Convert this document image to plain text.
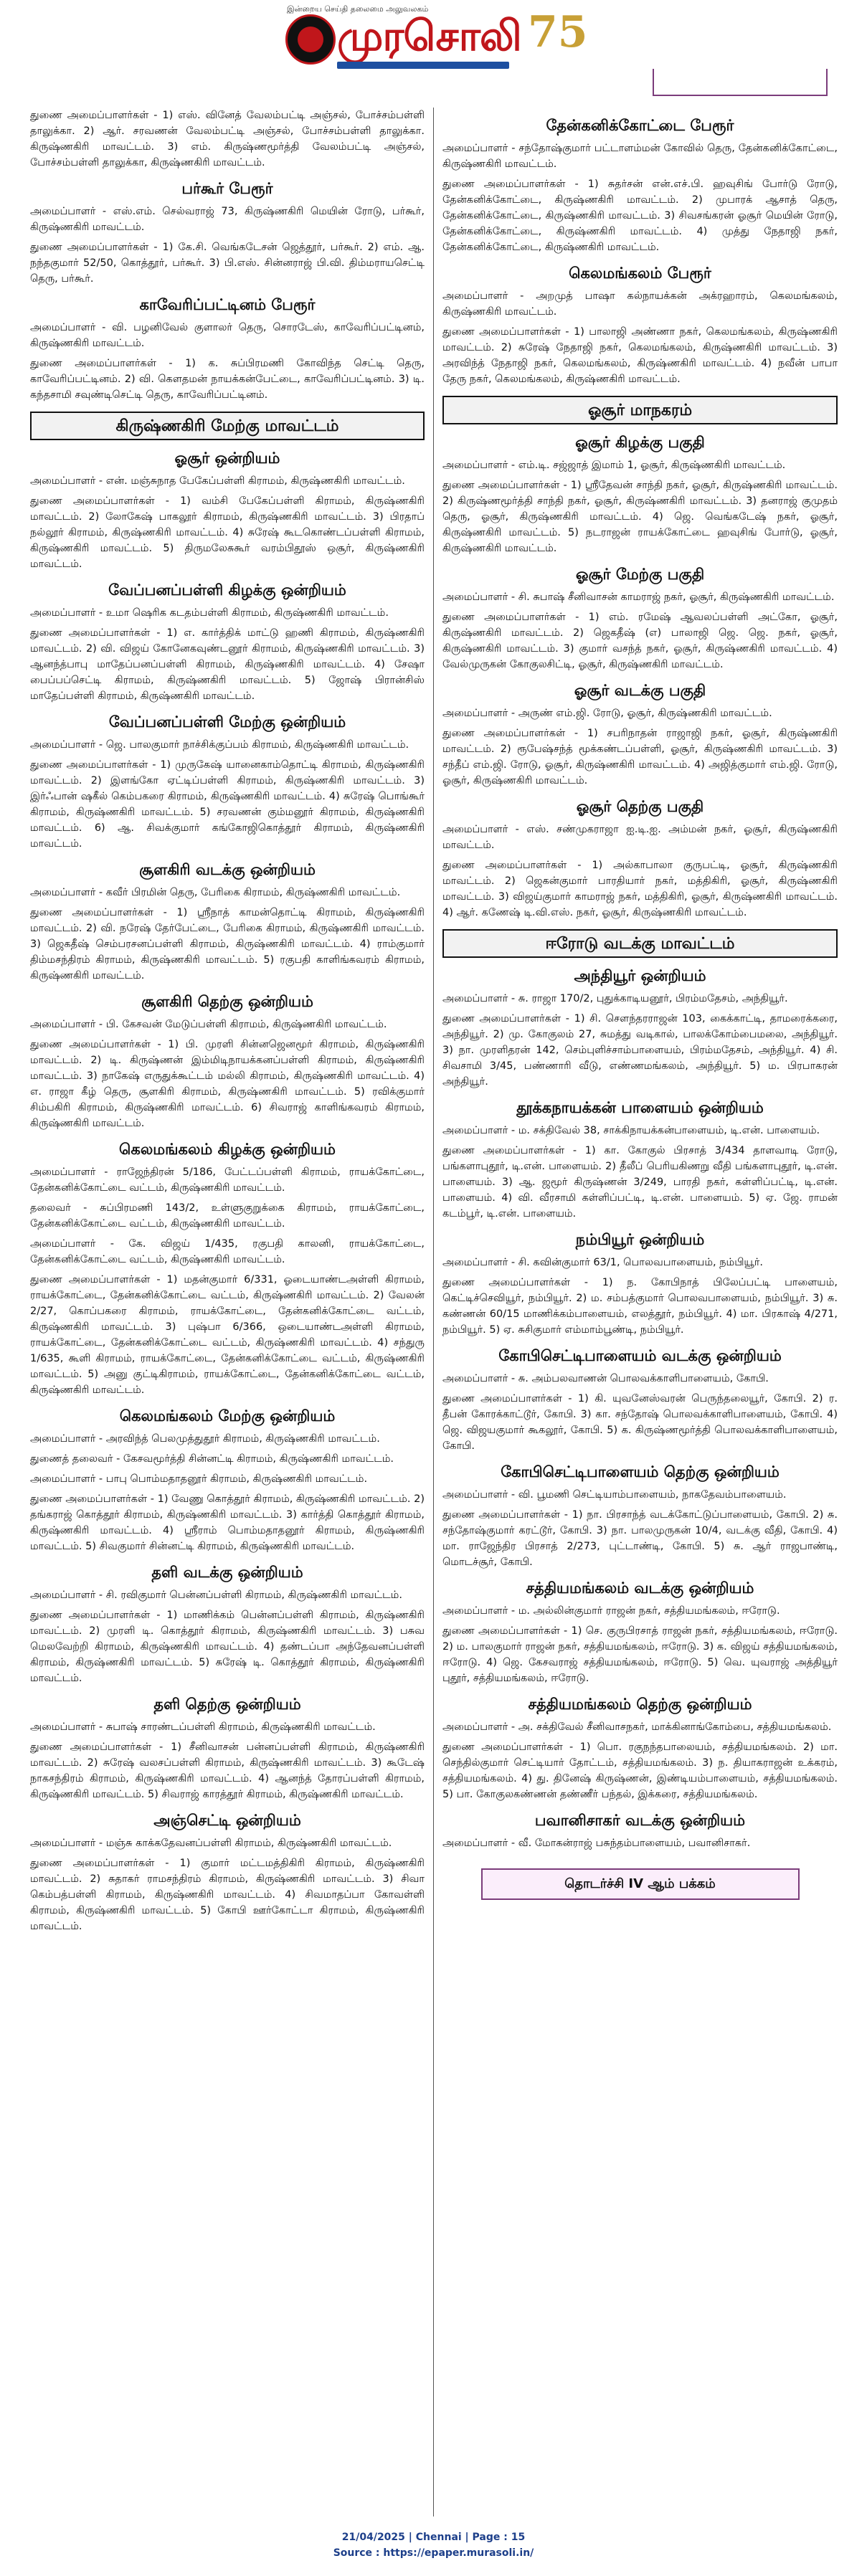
இன்றைய செய்தி தலைமை அலுவலகம்
முரசொலி 75
துணை அமைப்பாளர்கள் - 1) எஸ். வினேத் வேலம்பட்டி அஞ்சல், போச்சம்பள்ளி தாலுக்கா. 2) ஆர். சரவணன் வேலம்பட்டி அஞ்சல், போச்சம்பள்ளி தாலுக்கா. கிருஷ்ணகிரி மாவட்டம். 3) எம். கிருஷ்ணமூர்த்தி வேலம்பட்டி அஞ்சல், போச்சம்பள்ளி தாலுக்கா, கிருஷ்ணகிரி மாவட்டம்.
பர்கூர் பேரூர்
அமைப்பாளர் - எஸ்.எம். செல்வராஜ் 73, கிருஷ்ணகிரி மெயின் ரோடு, பர்கூர், கிருஷ்ணகிரி மாவட்டம்.
துணை அமைப்பாளர்கள் - 1) கே.சி. வெங்கடேசன் ஜெத்தூர், பர்கூர். 2) எம். ஆ. நந்தகுமார் 52/50, கொத்தூர், பர்கூர். 3) பி.எஸ். சின்னராஜ் பி.வி. திம்மராயசெட்டி தெரு, பர்கூர்.
காவேரிப்பட்டினம் பேரூர்
அமைப்பாளர் - வி. பழனிவேல் குளாலர் தெரு, சொரடேஸ், காவேரிப்பட்டினம், கிருஷ்ணகிரி மாவட்டம்.
துணை அமைப்பாளர்கள் - 1) க. சுப்பிரமணி கோவிந்த செட்டி தெரு, காவேரிப்பட்டினம். 2) வி. கௌதமன் நாயக்கன்பேட்டை, காவேரிப்பட்டினம். 3) டி. கந்தசாமி சவுண்டிசெட்டி தெரு, காவேரிப்பட்டினம்.
கிருஷ்ணகிரி மேற்கு மாவட்டம்
ஓசூர் ஒன்றியம்
அமைப்பாளர் - என். மஞ்சுநாத பேகேப்பள்ளி கிராமம், கிருஷ்ணகிரி மாவட்டம்.
துணை அமைப்பாளர்கள் - 1) வம்சி பேகேப்பள்ளி கிராமம், கிருஷ்ணகிரி மாவட்டம். 2) லோகேஷ் பாகலூர் கிராமம், கிருஷ்ணகிரி மாவட்டம். 3) பிரதாப் நல்லூர் கிராமம், கிருஷ்ணகிரி மாவட்டம். 4) சுரேஷ் கூடகொண்டப்பள்ளி கிராமம், கிருஷ்ணகிரி மாவட்டம். 5) திருமலேசுகூர் வரம்பிதூஸ் ஒசூர், கிருஷ்ணகிரி மாவட்டம்.
வேப்பனப்பள்ளி கிழக்கு ஒன்றியம்
அமைப்பாளர் - உமா ஷெரிக கடதம்பள்ளி கிராமம், கிருஷ்ணகிரி மாவட்டம்.
துணை அமைப்பாளர்கள் - 1) எ. கார்த்திக் மாட்டு ஹணி கிராமம், கிருஷ்ணகிரி மாவட்டம். 2) வி. விஜய் கோனேகவுண்டனூர் கிராமம், கிருஷ்ணகிரி மாவட்டம். 3) ஆனந்த்பாபு மாதேப்பனப்பள்ளி கிராமம், கிருஷ்ணகிரி மாவட்டம். 4) சேஷா பைப்பப்செட்டி கிராமம், கிருஷ்ணகிரி மாவட்டம். 5) ஜோஷ் பிரான்சிஸ் மாதேப்பள்ளி கிராமம், கிருஷ்ணகிரி மாவட்டம்.
வேப்பனப்பள்ளி மேற்கு ஒன்றியம்
அமைப்பாளர் - ஜெ. பாலகுமார் நாச்சிக்குப்பம் கிராமம், கிருஷ்ணகிரி மாவட்டம்.
துணை அமைப்பாளர்கள் - 1) முருகேஷ் யானைகாம்தொட்டி கிராமம், கிருஷ்ணகிரி மாவட்டம். 2) இளங்கோ ஏட்டிப்பள்ளி கிராமம், கிருஷ்ணகிரி மாவட்டம். 3) இர்ஃபான் ஷகீல் கெம்பகரை கிராமம், கிருஷ்ணகிரி மாவட்டம். 4) சுரேஷ் பொங்கூர் கிராமம், கிருஷ்ணகிரி மாவட்டம். 5) சரவணன் கும்மனூர் கிராமம், கிருஷ்ணகிரி மாவட்டம். 6) ஆ. சிவக்குமார் கங்கோஜிகொத்தூர் கிராமம், கிருஷ்ணகிரி மாவட்டம்.
சூளகிரி வடக்கு ஒன்றியம்
அமைப்பாளர் - கவீர் பிரமின் தெரு, பேரிகை கிராமம், கிருஷ்ணகிரி மாவட்டம்.
துணை அமைப்பாளர்கள் - 1) ஸ்ரீநாத் காமன்தொட்டி கிராமம், கிருஷ்ணகிரி மாவட்டம். 2) வி. நரேஷ் தேர்பேட்டை, பேரிகை கிராமம், கிருஷ்ணகிரி மாவட்டம். 3) ஜெகதீஷ் செம்பரசனப்பள்ளி கிராமம், கிருஷ்ணகிரி மாவட்டம். 4) ராம்குமார் திம்மசந்திரம் கிராமம், கிருஷ்ணகிரி மாவட்டம். 5) ரகுபதி காளிங்கவரம் கிராமம், கிருஷ்ணகிரி மாவட்டம்.
சூளகிரி தெற்கு ஒன்றியம்
அமைப்பாளர் - பி. கேசவன் மேடுப்பள்ளி கிராமம், கிருஷ்ணகிரி மாவட்டம்.
துணை அமைப்பாளர்கள் - 1) பி. முரளி சின்னஜெனமூர் கிராமம், கிருஷ்ணகிரி மாவட்டம். 2) டி. கிருஷ்ணன் இம்மிடிநாயக்கனப்பள்ளி கிராமம், கிருஷ்ணகிரி மாவட்டம். 3) நாகேஷ் எருதுக்கூட்டம் மல்லி கிராமம், கிருஷ்ணகிரி மாவட்டம். 4) எ. ராஜா கீழ் தெரு, சூளகிரி கிராமம், கிருஷ்ணகிரி மாவட்டம். 5) ரவிக்குமார் சிம்பகிரி கிராமம், கிருஷ்ணகிரி மாவட்டம். 6) சிவராஜ் காளிங்கவரம் கிராமம், கிருஷ்ணகிரி மாவட்டம்.
கெலமங்கலம் கிழக்கு ஒன்றியம்
அமைப்பாளர் - ராஜேந்திரன் 5/186, பேட்டப்பள்ளி கிராமம், ராயக்கோட்டை, தேன்கனிக்கோட்டை வட்டம், கிருஷ்ணகிரி மாவட்டம்.
தலைவர் - சுப்பிரமணி 143/2, உள்ளுகுறுக்கை கிராமம், ராயக்கோட்டை, தேன்கனிக்கோட்டை வட்டம், கிருஷ்ணகிரி மாவட்டம்.
அமைப்பாளர் - கே. விஜய் 1/435, ரகுபதி காலனி, ராயக்கோட்டை, தேன்கனிக்கோட்டை வட்டம், கிருஷ்ணகிரி மாவட்டம்.
துணை அமைப்பாளர்கள் - 1) மதன்குமார் 6/331, ஓடையாண்டஅள்ளி கிராமம், ராயக்கோட்டை, தேன்கனிக்கோட்டை வட்டம், கிருஷ்ணகிரி மாவட்டம். 2) வேலன் 2/27, கொப்பகரை கிராமம், ராயக்கோட்டை, தேன்கனிக்கோட்டை வட்டம், கிருஷ்ணகிரி மாவட்டம். 3) புஷ்பா 6/366, ஒடையாண்டஅள்ளி கிராமம், ராயக்கோட்டை, தேன்கனிக்கோட்டை வட்டம், கிருஷ்ணகிரி மாவட்டம். 4) சந்துரு 1/635, கூளி கிராமம், ராயக்கோட்டை, தேன்கனிக்கோட்டை வட்டம், கிருஷ்ணகிரி மாவட்டம். 5) அனு குட்டிகிராமம், ராயக்கோட்டை, தேன்கனிக்கோட்டை வட்டம், கிருஷ்ணகிரி மாவட்டம்.
கெலமங்கலம் மேற்கு ஒன்றியம்
அமைப்பாளர் - அரவிந்த் பெலமுத்துதூர் கிராமம், கிருஷ்ணகிரி மாவட்டம்.
துணைத் தலைவர் - கேசவமூர்த்தி சின்னட்டி கிராமம், கிருஷ்ணகிரி மாவட்டம்.
அமைப்பாளர் - பாபு பொம்மதாதனூர் கிராமம், கிருஷ்ணகிரி மாவட்டம்.
துணை அமைப்பாளர்கள் - 1) வேணு கொத்தூர் கிராமம், கிருஷ்ணகிரி மாவட்டம். 2) தங்கராஜ் கொத்தூர் கிராமம், கிருஷ்ணகிரி மாவட்டம். 3) கார்த்தி கொத்தூர் கிராமம், கிருஷ்ணகிரி மாவட்டம். 4) ஸ்ரீராம் பொம்மதாதனூர் கிராமம், கிருஷ்ணகிரி மாவட்டம். 5) சிவகுமார் சின்னட்டி கிராமம், கிருஷ்ணகிரி மாவட்டம்.
தளி வடக்கு ஒன்றியம்
அமைப்பாளர் - சி. ரவிகுமார் பென்னப்பள்ளி கிராமம், கிருஷ்ணகிரி மாவட்டம்.
துணை அமைப்பாளர்கள் - 1) மாணிக்கம் பென்னப்பள்ளி கிராமம், கிருஷ்ணகிரி மாவட்டம். 2) முரளி டி. கொத்தூர் கிராமம், கிருஷ்ணகிரி மாவட்டம். 3) பசுவ மெலவேற்றி கிராமம், கிருஷ்ணகிரி மாவட்டம். 4) தண்டப்பா அந்தேவனப்பள்ளி கிராமம், கிருஷ்ணகிரி மாவட்டம். 5) சுரேஷ் டி. கொத்தூர் கிராமம், கிருஷ்ணகிரி மாவட்டம்.
தளி தெற்கு ஒன்றியம்
அமைப்பாளர் - சுபாஷ் சாரண்டப்பள்ளி கிராமம், கிருஷ்ணகிரி மாவட்டம்.
துணை அமைப்பாளர்கள் - 1) சீனிவாசன் பன்னப்பள்ளி கிராமம், கிருஷ்ணகிரி மாவட்டம். 2) சுரேஷ் வலசப்பள்ளி கிராமம், கிருஷ்ணகிரி மாவட்டம். 3) கூடேஷ் நாகசந்திரம் கிராமம், கிருஷ்ணகிரி மாவட்டம். 4) ஆனந்த் தோரப்பள்ளி கிராமம், கிருஷ்ணகிரி மாவட்டம். 5) சிவராஜ் காரத்தூர் கிராமம், கிருஷ்ணகிரி மாவட்டம்.
அஞ்செட்டி ஒன்றியம்
அமைப்பாளர் - மஞ்சு காக்கதேவனப்பள்ளி கிராமம், கிருஷ்ணகிரி மாவட்டம்.
துணை அமைப்பாளர்கள் - 1) குமார் மட்டமத்திகிரி கிராமம், கிருஷ்ணகிரி மாவட்டம். 2) சுதாகர் ராமசந்திரம் கிராமம், கிருஷ்ணகிரி மாவட்டம். 3) சிவா கெம்பத்பள்ளி கிராமம், கிருஷ்ணகிரி மாவட்டம். 4) சிவமாதப்பா கோவள்ளி கிராமம், கிருஷ்ணகிரி மாவட்டம். 5) கோபி ஊர்கோட்டா கிராமம், கிருஷ்ணகிரி மாவட்டம்.
தேன்கனிக்கோட்டை பேரூர்
அமைப்பாளர் - சந்தோஷ்குமார் பட்டாளம்மன் கோவில் தெரு, தேன்கனிக்கோட்டை, கிருஷ்ணகிரி மாவட்டம்.
துணை அமைப்பாளர்கள் - 1) சுதர்சன் என்.எச்.பி. ஹவுசிங் போர்டு ரோடு, தேன்கனிக்கோட்டை, கிருஷ்ணகிரி மாவட்டம். 2) முபாரக் ஆசாத் தெரு, தேன்கனிக்கோட்டை, கிருஷ்ணகிரி மாவட்டம். 3) சிவசங்கரன் ஓசூர் மெயின் ரோடு, தேன்கனிக்கோட்டை, கிருஷ்ணகிரி மாவட்டம். 4) முத்து நேதாஜி நகர், தேன்கனிக்கோட்டை, கிருஷ்ணகிரி மாவட்டம்.
கெலமங்கலம் பேரூர்
அமைப்பாளர் - அறமுத் பாஷா கல்நாயக்கன் அக்ரஹாரம், கெலமங்கலம், கிருஷ்ணகிரி மாவட்டம்.
துணை அமைப்பாளர்கள் - 1) பாலாஜி அண்ணா நகர், கெலமங்கலம், கிருஷ்ணகிரி மாவட்டம். 2) சுரேஷ் நேதாஜி நகர், கெலமங்கலம், கிருஷ்ணகிரி மாவட்டம். 3) அரவிந்த் நேதாஜி நகர், கெலமங்கலம், கிருஷ்ணகிரி மாவட்டம். 4) நவீன் பாபா தேரு நகர், கெலமங்கலம், கிருஷ்ணகிரி மாவட்டம்.
ஓசூர் மாநகரம்
ஓசூர் கிழக்கு பகுதி
அமைப்பாளர் - எம்.டி. சஜ்ஜாத் இமாம் 1, ஓசூர், கிருஷ்ணகிரி மாவட்டம்.
துணை அமைப்பாளர்கள் - 1) ஸ்ரீதேவன் சாந்தி நகர், ஓசூர், கிருஷ்ணகிரி மாவட்டம். 2) கிருஷ்ணமூர்த்தி சாந்தி நகர், ஓசூர், கிருஷ்ணகிரி மாவட்டம். 3) தனராஜ் குமுதம் தெரு, ஓசூர், கிருஷ்ணகிரி மாவட்டம். 4) ஜெ. வெங்கடேஷ் நகர், ஓசூர், கிருஷ்ணகிரி மாவட்டம். 5) நடராஜன் ராயக்கோட்டை ஹவுசிங் போர்டு, ஓசூர், கிருஷ்ணகிரி மாவட்டம்.
ஓசூர் மேற்கு பகுதி
அமைப்பாளர் - சி. சுபாஷ் சீனிவாசன் காமராஜ் நகர், ஓசூர், கிருஷ்ணகிரி மாவட்டம்.
துணை அமைப்பாளர்கள் - 1) எம். ரமேஷ் ஆவலப்பள்ளி அட்கோ, ஓசூர், கிருஷ்ணகிரி மாவட்டம். 2) ஜெகதீஷ் (எ) பாலாஜி ஜெ. ஜெ. நகர், ஓசூர், கிருஷ்ணகிரி மாவட்டம். 3) குமார் வசந்த் நகர், ஓசூர், கிருஷ்ணகிரி மாவட்டம். 4) வேல்முருகன் கோகுலசிட்டி, ஓசூர், கிருஷ்ணகிரி மாவட்டம்.
ஓசூர் வடக்கு பகுதி
அமைப்பாளர் - அருண் எம்.ஜி. ரோடு, ஓசூர், கிருஷ்ணகிரி மாவட்டம்.
துணை அமைப்பாளர்கள் - 1) சபரிநாதன் ராஜாஜி நகர், ஓசூர், கிருஷ்ணகிரி மாவட்டம். 2) ரூபேஷ்சந்த் மூக்கண்டப்பள்ளி, ஓசூர், கிருஷ்ணகிரி மாவட்டம். 3) சந்தீப் எம்.ஜி. ரோடு, ஓசூர், கிருஷ்ணகிரி மாவட்டம். 4) அஜித்குமார் எம்.ஜி. ரோடு, ஓசூர், கிருஷ்ணகிரி மாவட்டம்.
ஓசூர் தெற்கு பகுதி
அமைப்பாளர் - எஸ். சண்முகராஜா ஐ.டி.ஐ. அம்மன் நகர், ஓசூர், கிருஷ்ணகிரி மாவட்டம்.
துணை அமைப்பாளர்கள் - 1) அல்காபாலா குருபட்டி, ஓசூர், கிருஷ்ணகிரி மாவட்டம். 2) ஜெகன்குமார் பாரதியார் நகர், மத்திகிரி, ஓசூர், கிருஷ்ணகிரி மாவட்டம். 3) விஜய்குமார் காமராஜ் நகர், மத்திகிரி, ஓசூர், கிருஷ்ணகிரி மாவட்டம். 4) ஆர். கணேஷ் டி.வி.எஸ். நகர், ஓசூர், கிருஷ்ணகிரி மாவட்டம்.
ஈரோடு வடக்கு மாவட்டம்
அந்தியூர் ஒன்றியம்
அமைப்பாளர் - சு. ராஜா 170/2, புதுக்காடியனூர், பிரம்மதேசம், அந்தியூர்.
துணை அமைப்பாளர்கள் - 1) சி. சௌந்தரராஜன் 103, கைக்காட்டி, தாமரைக்கரை, அந்தியூர். 2) மு. கோகுலம் 27, சுமத்து வடிகால், பாலக்கோம்பைமலை, அந்தியூர். 3) நா. முரளிதரன் 142, செம்புளிச்சாம்பாளையம், பிரம்மதேசம், அந்தியூர். 4) சி. சிவசாமி 3/45, பண்ணாரி வீடு, எண்ணமங்கலம், அந்தியூர். 5) ம. பிரபாகரன் அந்தியூர்.
தூக்கநாயக்கன் பாளையம் ஒன்றியம்
அமைப்பாளர் - ம. சக்திவேல் 38, சாக்கிநாயக்கன்பாளையம், டி.என். பாளையம்.
துணை அமைப்பாளர்கள் - 1) கா. கோகுல் பிரசாத் 3/434 தாளவாடி ரோடு, பங்களாபுதூர், டி.என். பாளையம். 2) தீலீப் பெரியகிணறு வீதி பங்களாபுதூர், டி.என். பாளையம். 3) ஆ. ஜமூர் கிருஷ்ணன் 3/249, பாரதி நகர், கள்ளிப்பட்டி, டி.என். பாளையம். 4) வி. வீரசாமி கள்ளிப்பட்டி, டி.என். பாளையம். 5) ஏ. ஜே. ராமன் கடம்பூர், டி.என். பாளையம்.
நம்பியூர் ஒன்றியம்
அமைப்பாளர் - சி. கவின்குமார் 63/1, பொலவபாளையம், நம்பியூர்.
துணை அமைப்பாளர்கள் - 1) ந. கோபிநாத் பிலேப்பட்டி பாளையம், கெட்டிச்செவியூர், நம்பியூர். 2) ம. சம்பத்குமார் பொலவபாளையம், நம்பியூர். 3) சு. கண்ணன் 60/15 மாணிக்கம்பாளையம், எலத்தூர், நம்பியூர். 4) மா. பிரகாஷ் 4/271, நம்பியூர். 5) ஏ. சுசிகுமார் எம்மாம்பூண்டி, நம்பியூர்.
கோபிசெட்டிபாளையம் வடக்கு ஒன்றியம்
அமைப்பாளர் - சு. அம்பலவாணன் பொலவக்காளிபாளையம், கோபி.
துணை அமைப்பாளர்கள் - 1) கி. யுவனேஸ்வரன் பெருந்தலையூர், கோபி. 2) ர. தீபன் கோரக்காட்டூர், கோபி. 3) கா. சந்தோஷ் பொலவக்காளிபாளையம், கோபி. 4) ஜெ. விஜயகுமார் கூகலூர், கோபி. 5) க. கிருஷ்ணமூர்த்தி பொலவக்காளிபாளையம், கோபி.
கோபிசெட்டிபாளையம் தெற்கு ஒன்றியம்
அமைப்பாளர் - வி. பூமணி செட்டியாம்பாளையம், நாகதேவம்பாளையம்.
துணை அமைப்பாளர்கள் - 1) நா. பிரசாந்த் வடக்கோட்டுப்பாளையம், கோபி. 2) சு. சந்தோஷ்குமார் கரட்டூர், கோபி. 3) நா. பாலமுருகன் 10/4, வடக்கு வீதி, கோபி. 4) மா. ராஜேந்திர பிரசாத் 2/273, புட்டாண்டி, கோபி. 5) சு. ஆர் ராஜபாண்டி, மொடச்சூர், கோபி.
சத்தியமங்கலம் வடக்கு ஒன்றியம்
அமைப்பாளர் - ம. அல்லின்குமார் ராஜன் நகர், சத்தியமங்கலம், ஈரோடு.
துணை அமைப்பாளர்கள் - 1) செ. குருபிரசாத் ராஜன் நகர், சத்தியமங்கலம், ஈரோடு. 2) ம. பாலகுமார் ராஜன் நகர், சத்தியமங்கலம், ஈரோடு. 3) க. விஜய் சத்தியமங்கலம், ஈரோடு. 4) ஜெ. கேசவராஜ் சத்தியமங்கலம், ஈரோடு. 5) வெ. யுவராஜ் அத்தியூர் புதூர், சத்தியமங்கலம், ஈரோடு.
சத்தியமங்கலம் தெற்கு ஒன்றியம்
அமைப்பாளர் - அ. சக்திவேல் சீனிவாசநகர், மாக்கினாங்கோம்பை, சத்தியமங்கலம்.
துணை அமைப்பாளர்கள் - 1) பொ. ரகுநந்தபாலையம், சத்தியமங்கலம். 2) மா. செந்தில்குமார் செட்டியார் தோட்டம், சத்தியமங்கலம். 3) ந. தியாகராஜன் உக்கரம், சத்தியமங்கலம். 4) து. தினேஷ் கிருஷ்ணன், இண்டியம்பாளையம், சத்தியமங்கலம். 5) பா. கோகுலகண்ணன் தண்ணீர் பந்தல், இக்கரை, சத்தியமங்கலம்.
பவானிசாகர் வடக்கு ஒன்றியம்
அமைப்பாளர் - வீ. மோகன்ராஜ் பசுந்தம்பாளையம், பவானிசாகர்.
தொடர்ச்சி IV ஆம் பக்கம்
21/04/2025 | Chennai | Page : 15
Source : https://epaper.murasoli.in/
